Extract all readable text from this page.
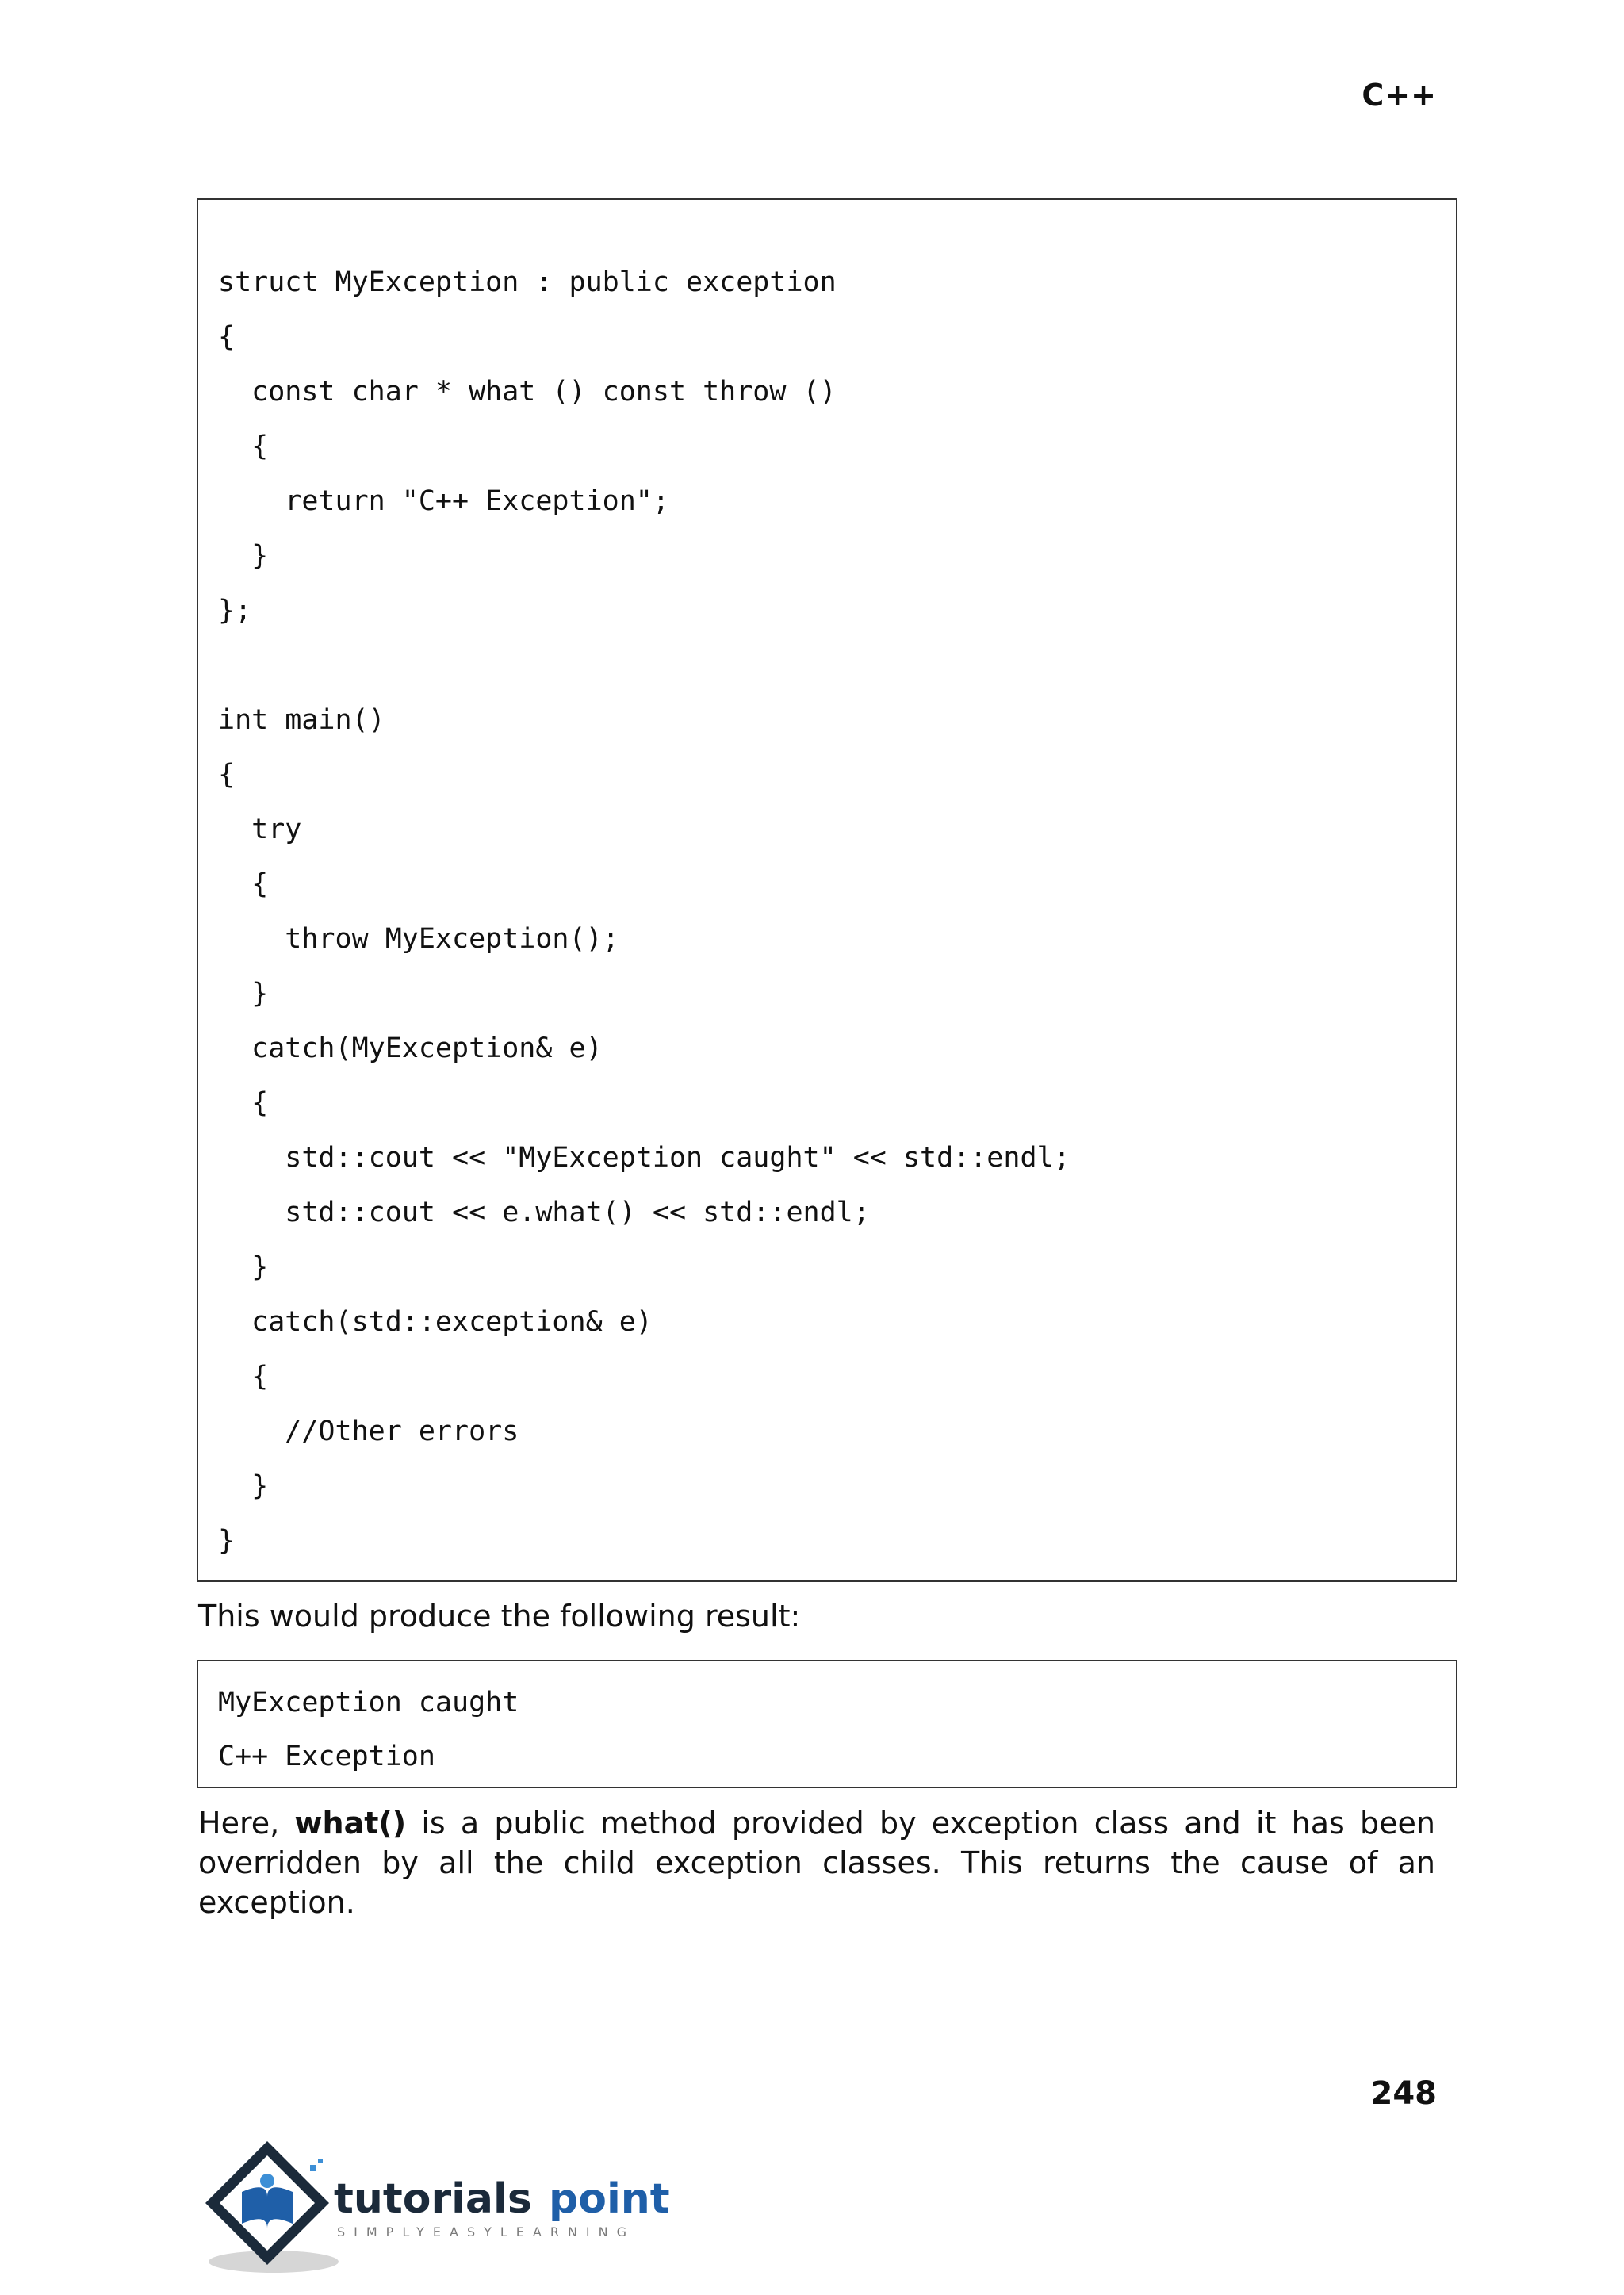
C++
struct MyException : public exception
{
const char * what () const throw ()
{
return "C++ Exception";
}
};
int main()
{
try
{
throw MyException();
}
catch(MyException& e)
{
std::cout << "MyException caught" << std::endl;
std::cout << e.what() << std::endl;
}
catch(std::exception& e)
{
//Other errors
}
}
This would produce the following result:
MyException caught
C++ Exception
Here, what() is a public method provided by exception class and it has been overridden by all the child exception classes. This returns the cause of an exception.
248
tutorials point
SIMPLYEASYLEARNING
